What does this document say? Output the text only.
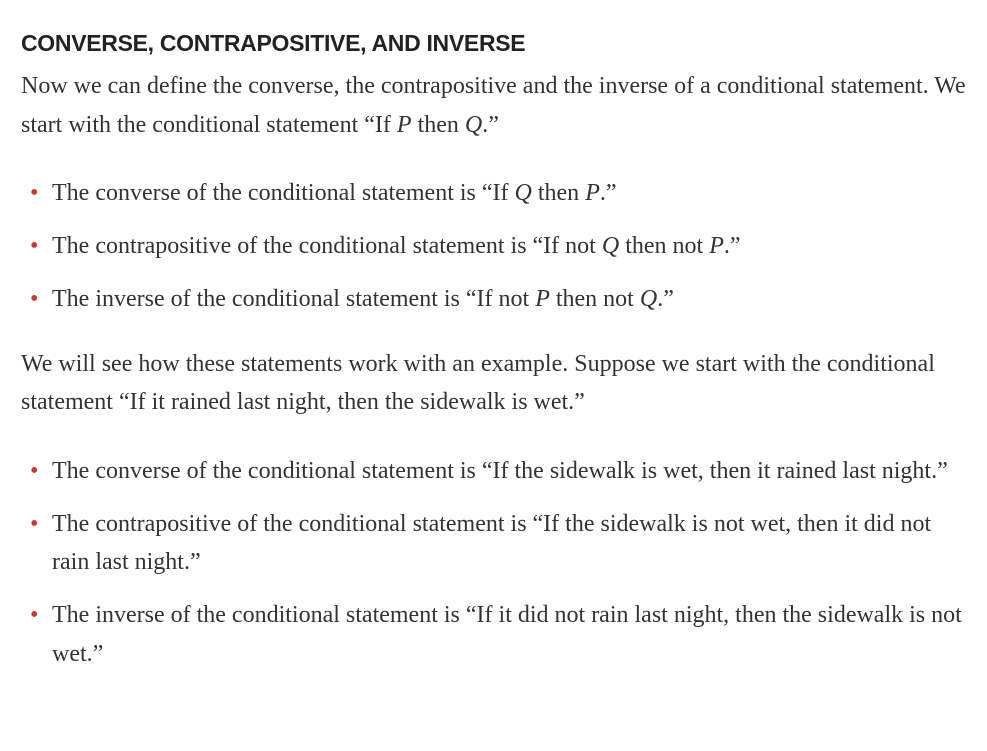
CONVERSE, CONTRAPOSITIVE, AND INVERSE

Now we can define the converse, the contrapositive and the inverse of a conditional statement. We start with the conditional statement “If P then Q.”

• The converse of the conditional statement is “If Q then P.”
• The contrapositive of the conditional statement is “If not Q then not P.”
• The inverse of the conditional statement is “If not P then not Q.”

We will see how these statements work with an example. Suppose we start with the conditional statement “If it rained last night, then the sidewalk is wet.”

• The converse of the conditional statement is “If the sidewalk is wet, then it rained last night.”
• The contrapositive of the conditional statement is “If the sidewalk is not wet, then it did not rain last night.”
• The inverse of the conditional statement is “If it did not rain last night, then the sidewalk is not wet.”
